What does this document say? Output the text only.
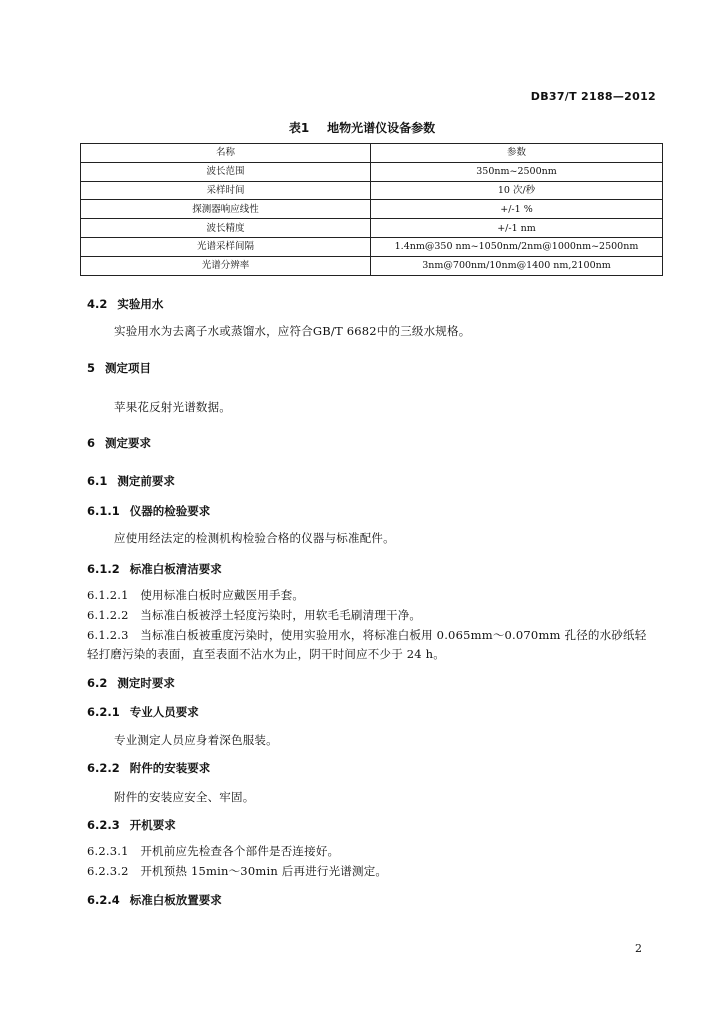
DB37/T 2188—2012
表1 地物光谱仪设备参数
名称	参数
波长范围	350nm~2500nm
采样时间	10 次/秒
探测器响应线性	+/-1 %
波长精度	+/-1 nm
光谱采样间隔	1.4nm@350 nm~1050nm/2nm@1000nm~2500nm
光谱分辨率	3nm@700nm/10nm@1400 nm,2100nm
4.2 实验用水
实验用水为去离子水或蒸馏水，应符合GB/T 6682中的三级水规格。
5 测定项目
苹果花反射光谱数据。
6 测定要求
6.1 测定前要求
6.1.1 仪器的检验要求
应使用经法定的检测机构检验合格的仪器与标准配件。
6.1.2 标准白板清洁要求
6.1.2.1　使用标准白板时应戴医用手套。
6.1.2.2　当标准白板被浮土轻度污染时，用软毛毛刷清理干净。
6.1.2.3　当标准白板被重度污染时，使用实验用水，将标准白板用 0.065mm～0.070mm 孔径的水砂纸轻
轻打磨污染的表面，直至表面不沾水为止，阴干时间应不少于 24 h。
6.2 测定时要求
6.2.1 专业人员要求
专业测定人员应身着深色服装。
6.2.2 附件的安装要求
附件的安装应安全、牢固。
6.2.3 开机要求
6.2.3.1　开机前应先检查各个部件是否连接好。
6.2.3.2　开机预热 15min～30min 后再进行光谱测定。
6.2.4 标准白板放置要求
2
